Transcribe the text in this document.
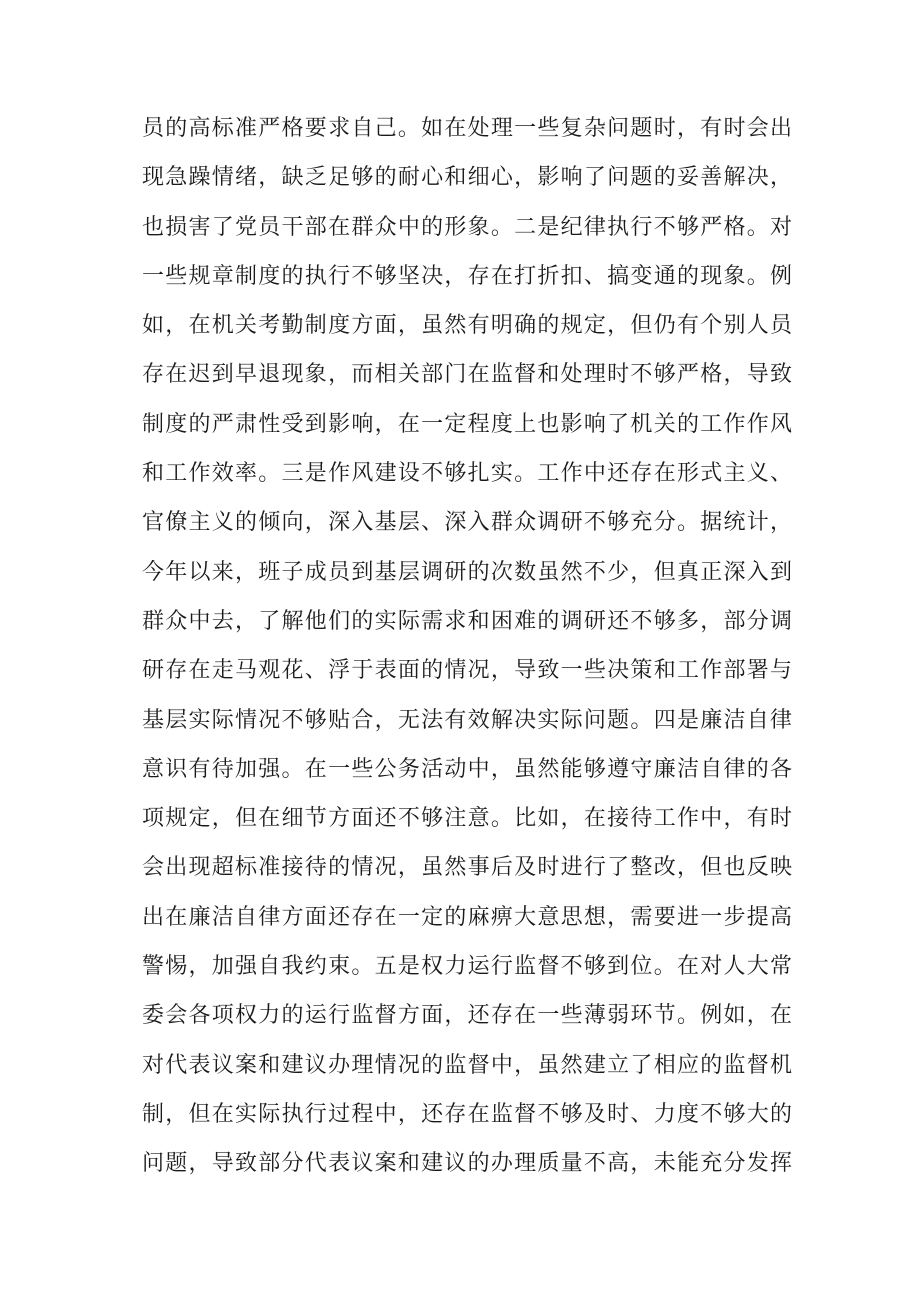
员的高标准严格要求自己。如在处理一些复杂问题时，有时会出
现急躁情绪，缺乏足够的耐心和细心，影响了问题的妥善解决，
也损害了党员干部在群众中的形象。二是纪律执行不够严格。对
一些规章制度的执行不够坚决，存在打折扣、搞变通的现象。例
如，在机关考勤制度方面，虽然有明确的规定，但仍有个别人员
存在迟到早退现象，而相关部门在监督和处理时不够严格，导致
制度的严肃性受到影响，在一定程度上也影响了机关的工作作风
和工作效率。三是作风建设不够扎实。工作中还存在形式主义、
官僚主义的倾向，深入基层、深入群众调研不够充分。据统计，
今年以来，班子成员到基层调研的次数虽然不少，但真正深入到
群众中去，了解他们的实际需求和困难的调研还不够多，部分调
研存在走马观花、浮于表面的情况，导致一些决策和工作部署与
基层实际情况不够贴合，无法有效解决实际问题。四是廉洁自律
意识有待加强。在一些公务活动中，虽然能够遵守廉洁自律的各
项规定，但在细节方面还不够注意。比如，在接待工作中，有时
会出现超标准接待的情况，虽然事后及时进行了整改，但也反映
出在廉洁自律方面还存在一定的麻痹大意思想，需要进一步提高
警惕，加强自我约束。五是权力运行监督不够到位。在对人大常
委会各项权力的运行监督方面，还存在一些薄弱环节。例如，在
对代表议案和建议办理情况的监督中，虽然建立了相应的监督机
制，但在实际执行过程中，还存在监督不够及时、力度不够大的
问题，导致部分代表议案和建议的办理质量不高，未能充分发挥
